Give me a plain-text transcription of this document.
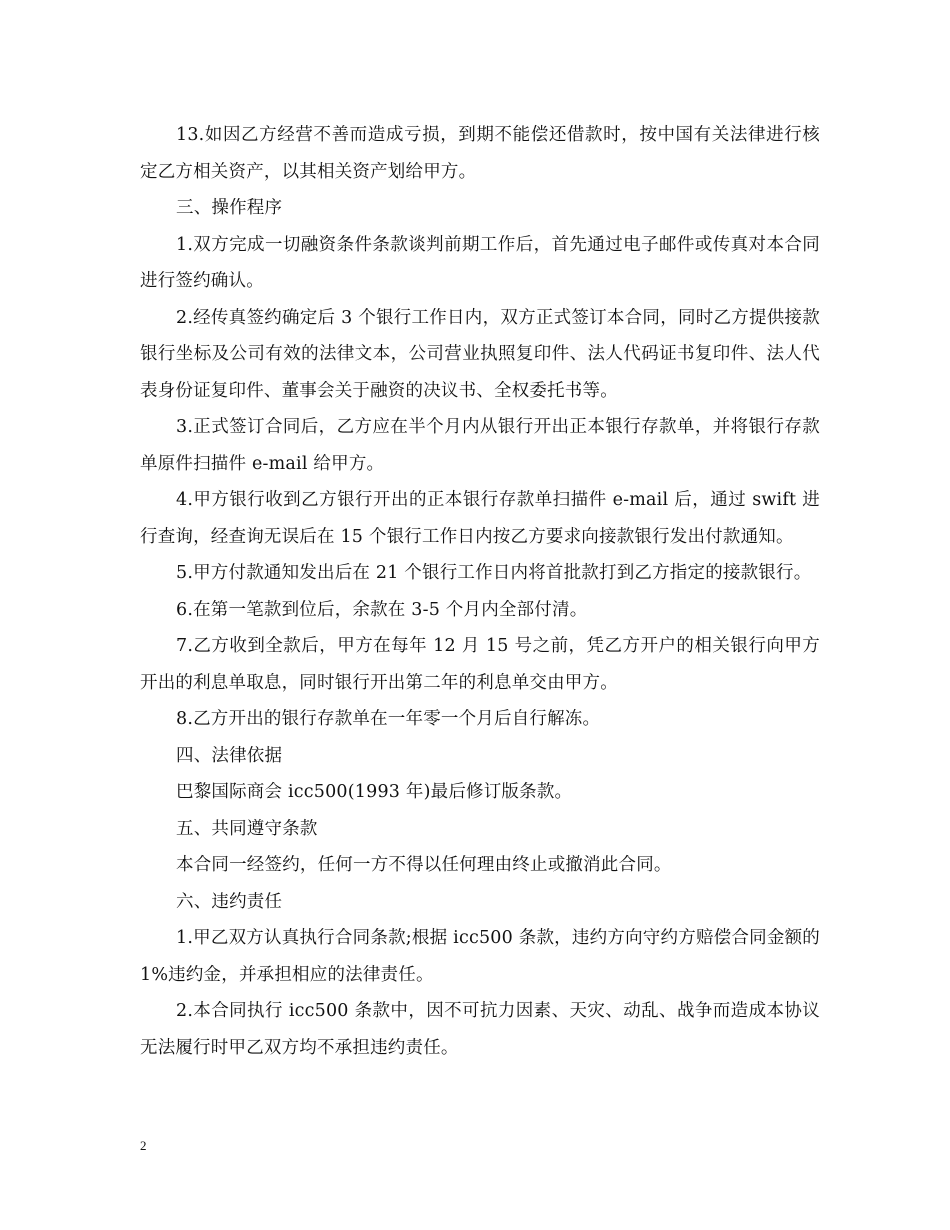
13.如因乙方经营不善而造成亏损，到期不能偿还借款时，按中国有关法律进行核定乙方相关资产，以其相关资产划给甲方。

三、操作程序

1.双方完成一切融资条件条款谈判前期工作后，首先通过电子邮件或传真对本合同进行签约确认。

2.经传真签约确定后 3 个银行工作日内，双方正式签订本合同，同时乙方提供接款银行坐标及公司有效的法律文本，公司营业执照复印件、法人代码证书复印件、法人代表身份证复印件、董事会关于融资的决议书、全权委托书等。

3.正式签订合同后，乙方应在半个月内从银行开出正本银行存款单，并将银行存款单原件扫描件 e-mail 给甲方。

4.甲方银行收到乙方银行开出的正本银行存款单扫描件 e-mail 后，通过 swift 进行查询，经查询无误后在 15 个银行工作日内按乙方要求向接款银行发出付款通知。

5.甲方付款通知发出后在 21 个银行工作日内将首批款打到乙方指定的接款银行。

6.在第一笔款到位后，余款在 3-5 个月内全部付清。

7.乙方收到全款后，甲方在每年 12 月 15 号之前，凭乙方开户的相关银行向甲方开出的利息单取息，同时银行开出第二年的利息单交由甲方。

8.乙方开出的银行存款单在一年零一个月后自行解冻。

四、法律依据

巴黎国际商会 icc500(1993 年)最后修订版条款。

五、共同遵守条款

本合同一经签约，任何一方不得以任何理由终止或撤消此合同。

六、违约责任

1.甲乙双方认真执行合同条款;根据 icc500 条款，违约方向守约方赔偿合同金额的 1%违约金，并承担相应的法律责任。

2.本合同执行 icc500 条款中，因不可抗力因素、天灾、动乱、战争而造成本协议无法履行时甲乙双方均不承担违约责任。

2
